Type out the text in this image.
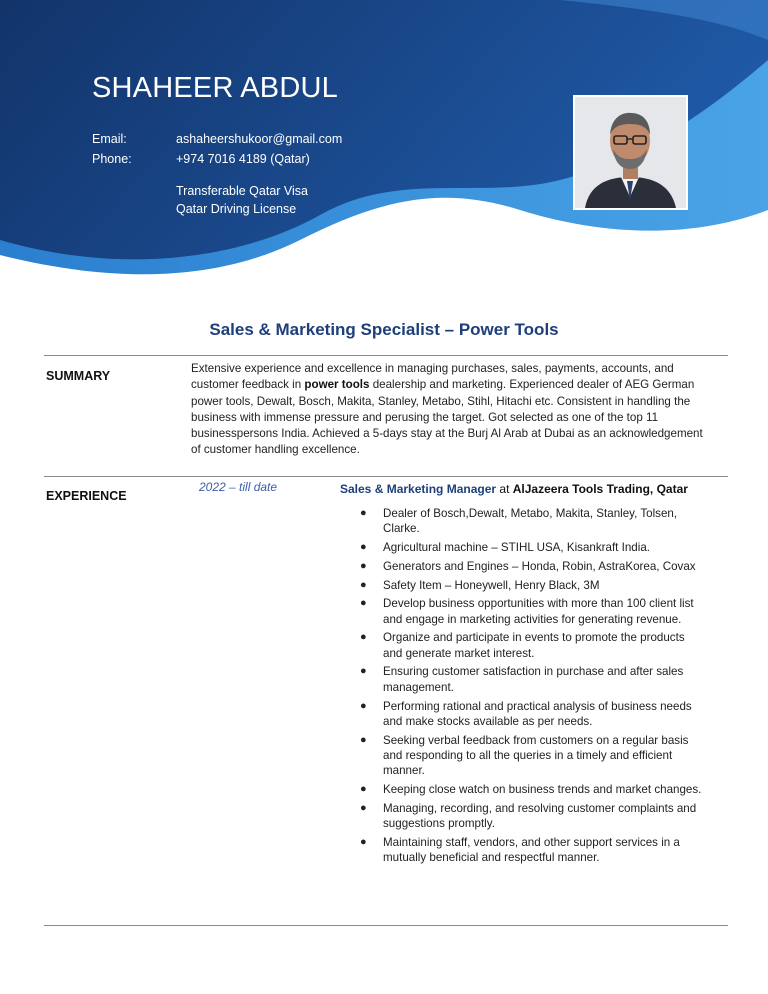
SHAHEER ABDUL
Email:	ashaheershukoor@gmail.com
Phone:	+974 7016 4189 (Qatar)
Transferable Qatar Visa
Qatar Driving License
Sales & Marketing Specialist – Power Tools
SUMMARY

Extensive experience and excellence in managing purchases, sales, payments, accounts, and customer feedback in power tools dealership and marketing. Experienced dealer of AEG German power tools, Dewalt, Bosch, Makita, Stanley, Metabo, Stihl, Hitachi etc. Consistent in handling the business with immense pressure and perusing the target. Got selected as one of the top 11 businesspersons India. Achieved a 5-days stay at the Burj Al Arab at Dubai as an acknowledgement of customer handling excellence.

EXPERIENCE
2022 – till date	Sales & Marketing Manager at AlJazeera Tools Trading, Qatar
● Dealer of Bosch,Dewalt, Metabo, Makita, Stanley, Tolsen, Clarke.
● Agricultural machine – STIHL USA, Kisankraft India.
● Generators and Engines – Honda, Robin, AstraKorea, Covax
● Safety Item – Honeywell, Henry Black, 3M
● Develop business opportunities with more than 100 client list and engage in marketing activities for generating revenue.
● Organize and participate in events to promote the products and generate market interest.
● Ensuring customer satisfaction in purchase and after sales management.
● Performing rational and practical analysis of business needs and make stocks available as per needs.
● Seeking verbal feedback from customers on a regular basis and responding to all the queries in a timely and efficient manner.
● Keeping close watch on business trends and market changes.
● Managing, recording, and resolving customer complaints and suggestions promptly.
● Maintaining staff, vendors, and other support services in a mutually beneficial and respectful manner.
